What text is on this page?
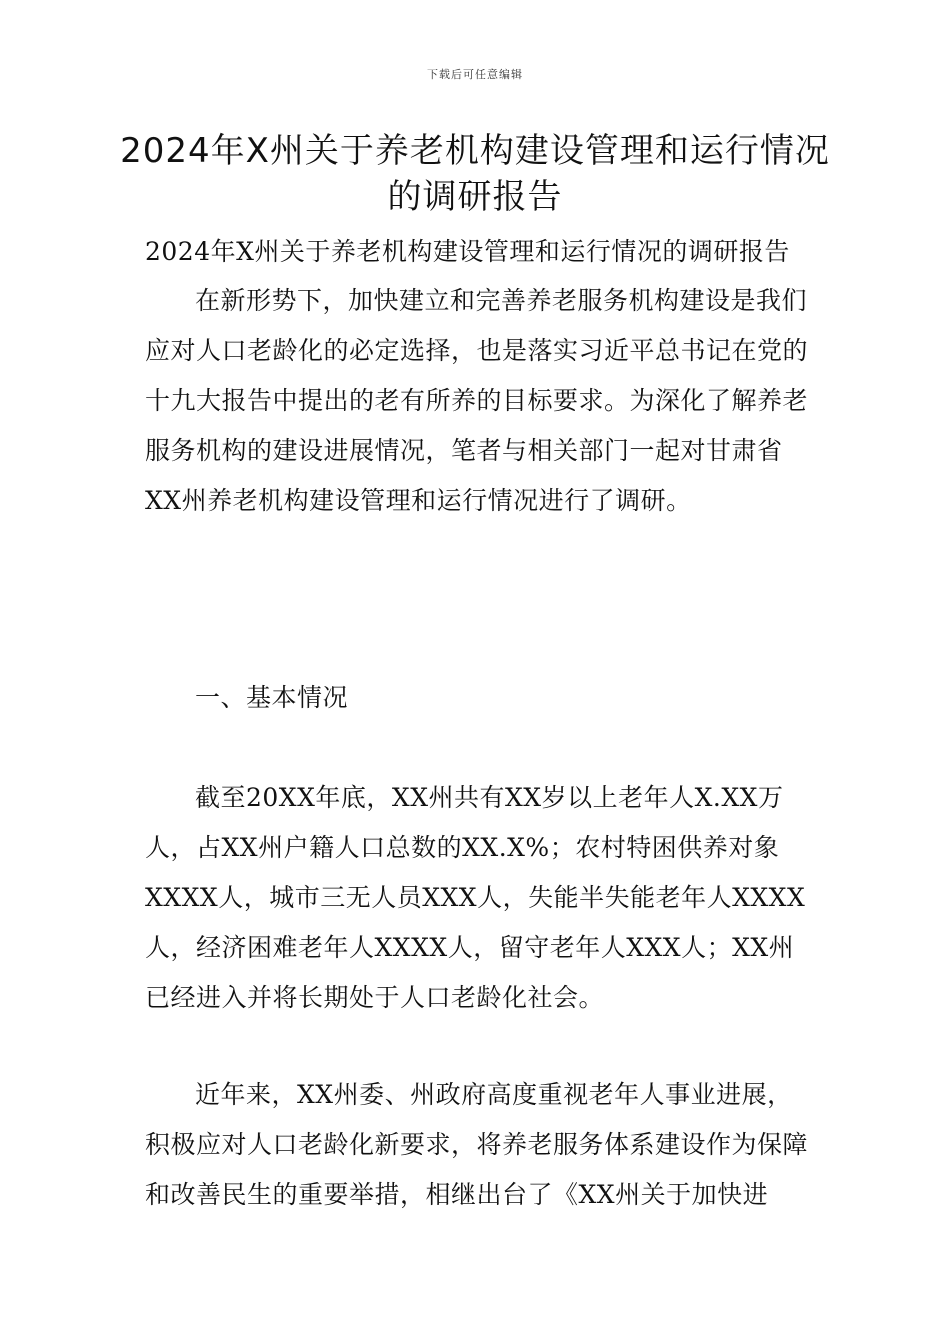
下载后可任意编辑
2024年X州关于养老机构建设管理和运行情况的调研报告

2024年X州关于养老机构建设管理和运行情况的调研报告

在新形势下，加快建立和完善养老服务机构建设是我们应对人口老龄化的必定选择，也是落实习近平总书记在党的十九大报告中提出的老有所养的目标要求。为深化了解养老服务机构的建设进展情况，笔者与相关部门一起对甘肃省XX州养老机构建设管理和运行情况进行了调研。

一、基本情况

截至20XX年底，XX州共有XX岁以上老年人X.XX万人，占XX州户籍人口总数的XX.X%；农村特困供养对象XXXX人，城市三无人员XXX人，失能半失能老年人XXXX人，经济困难老年人XXXX人，留守老年人XXX人；XX州已经进入并将长期处于人口老龄化社会。

近年来，XX州委、州政府高度重视老年人事业进展，积极应对人口老龄化新要求，将养老服务体系建设作为保障和改善民生的重要举措，相继出台了《XX州关于加快进
